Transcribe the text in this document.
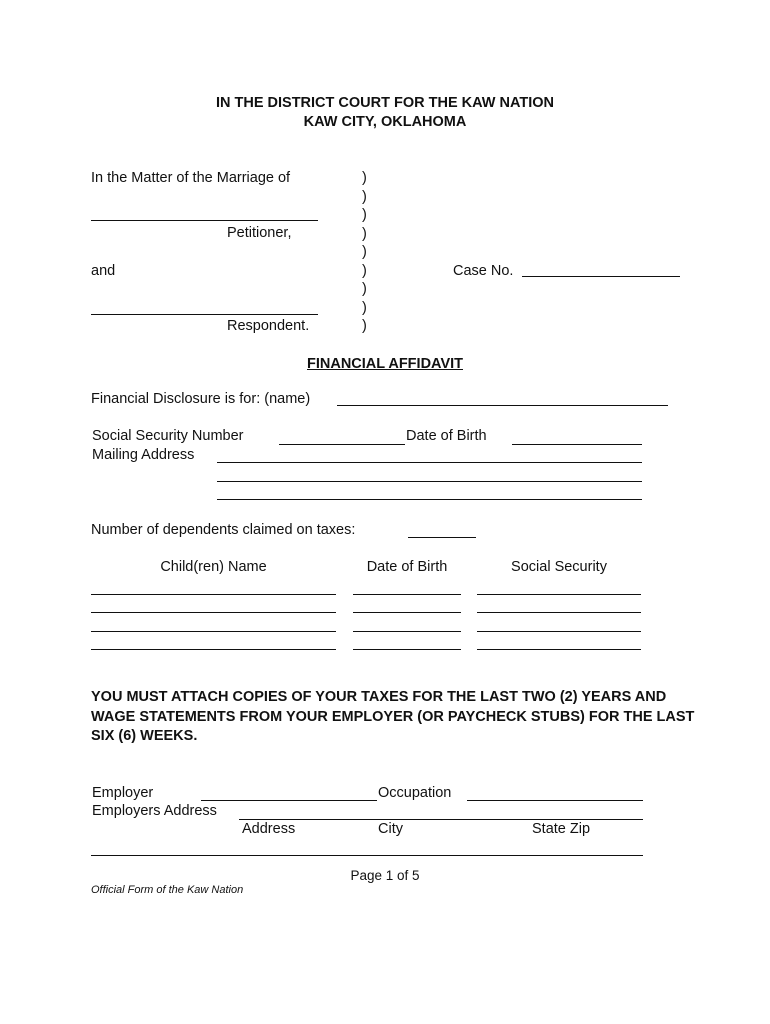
IN THE DISTRICT COURT FOR THE KAW NATION
KAW CITY, OKLAHOMA
In the Matter of the Marriage of
Petitioner,
and
Respondent.
)
)
)
)
)
)
)
)
)
Case No.
FINANCIAL AFFIDAVIT
Financial Disclosure is for: (name)
Social Security Number	Date of Birth
Mailing Address
Number of dependents claimed on taxes:
Child(ren) Name	Date of Birth	Social Security
YOU MUST ATTACH COPIES OF YOUR TAXES FOR THE LAST TWO (2) YEARS AND WAGE STATEMENTS FROM YOUR EMPLOYER (OR PAYCHECK STUBS) FOR THE LAST SIX (6) WEEKS.
Employer	Occupation
Employers Address
Address	City	State Zip
Page 1 of 5
Official Form of the Kaw Nation
